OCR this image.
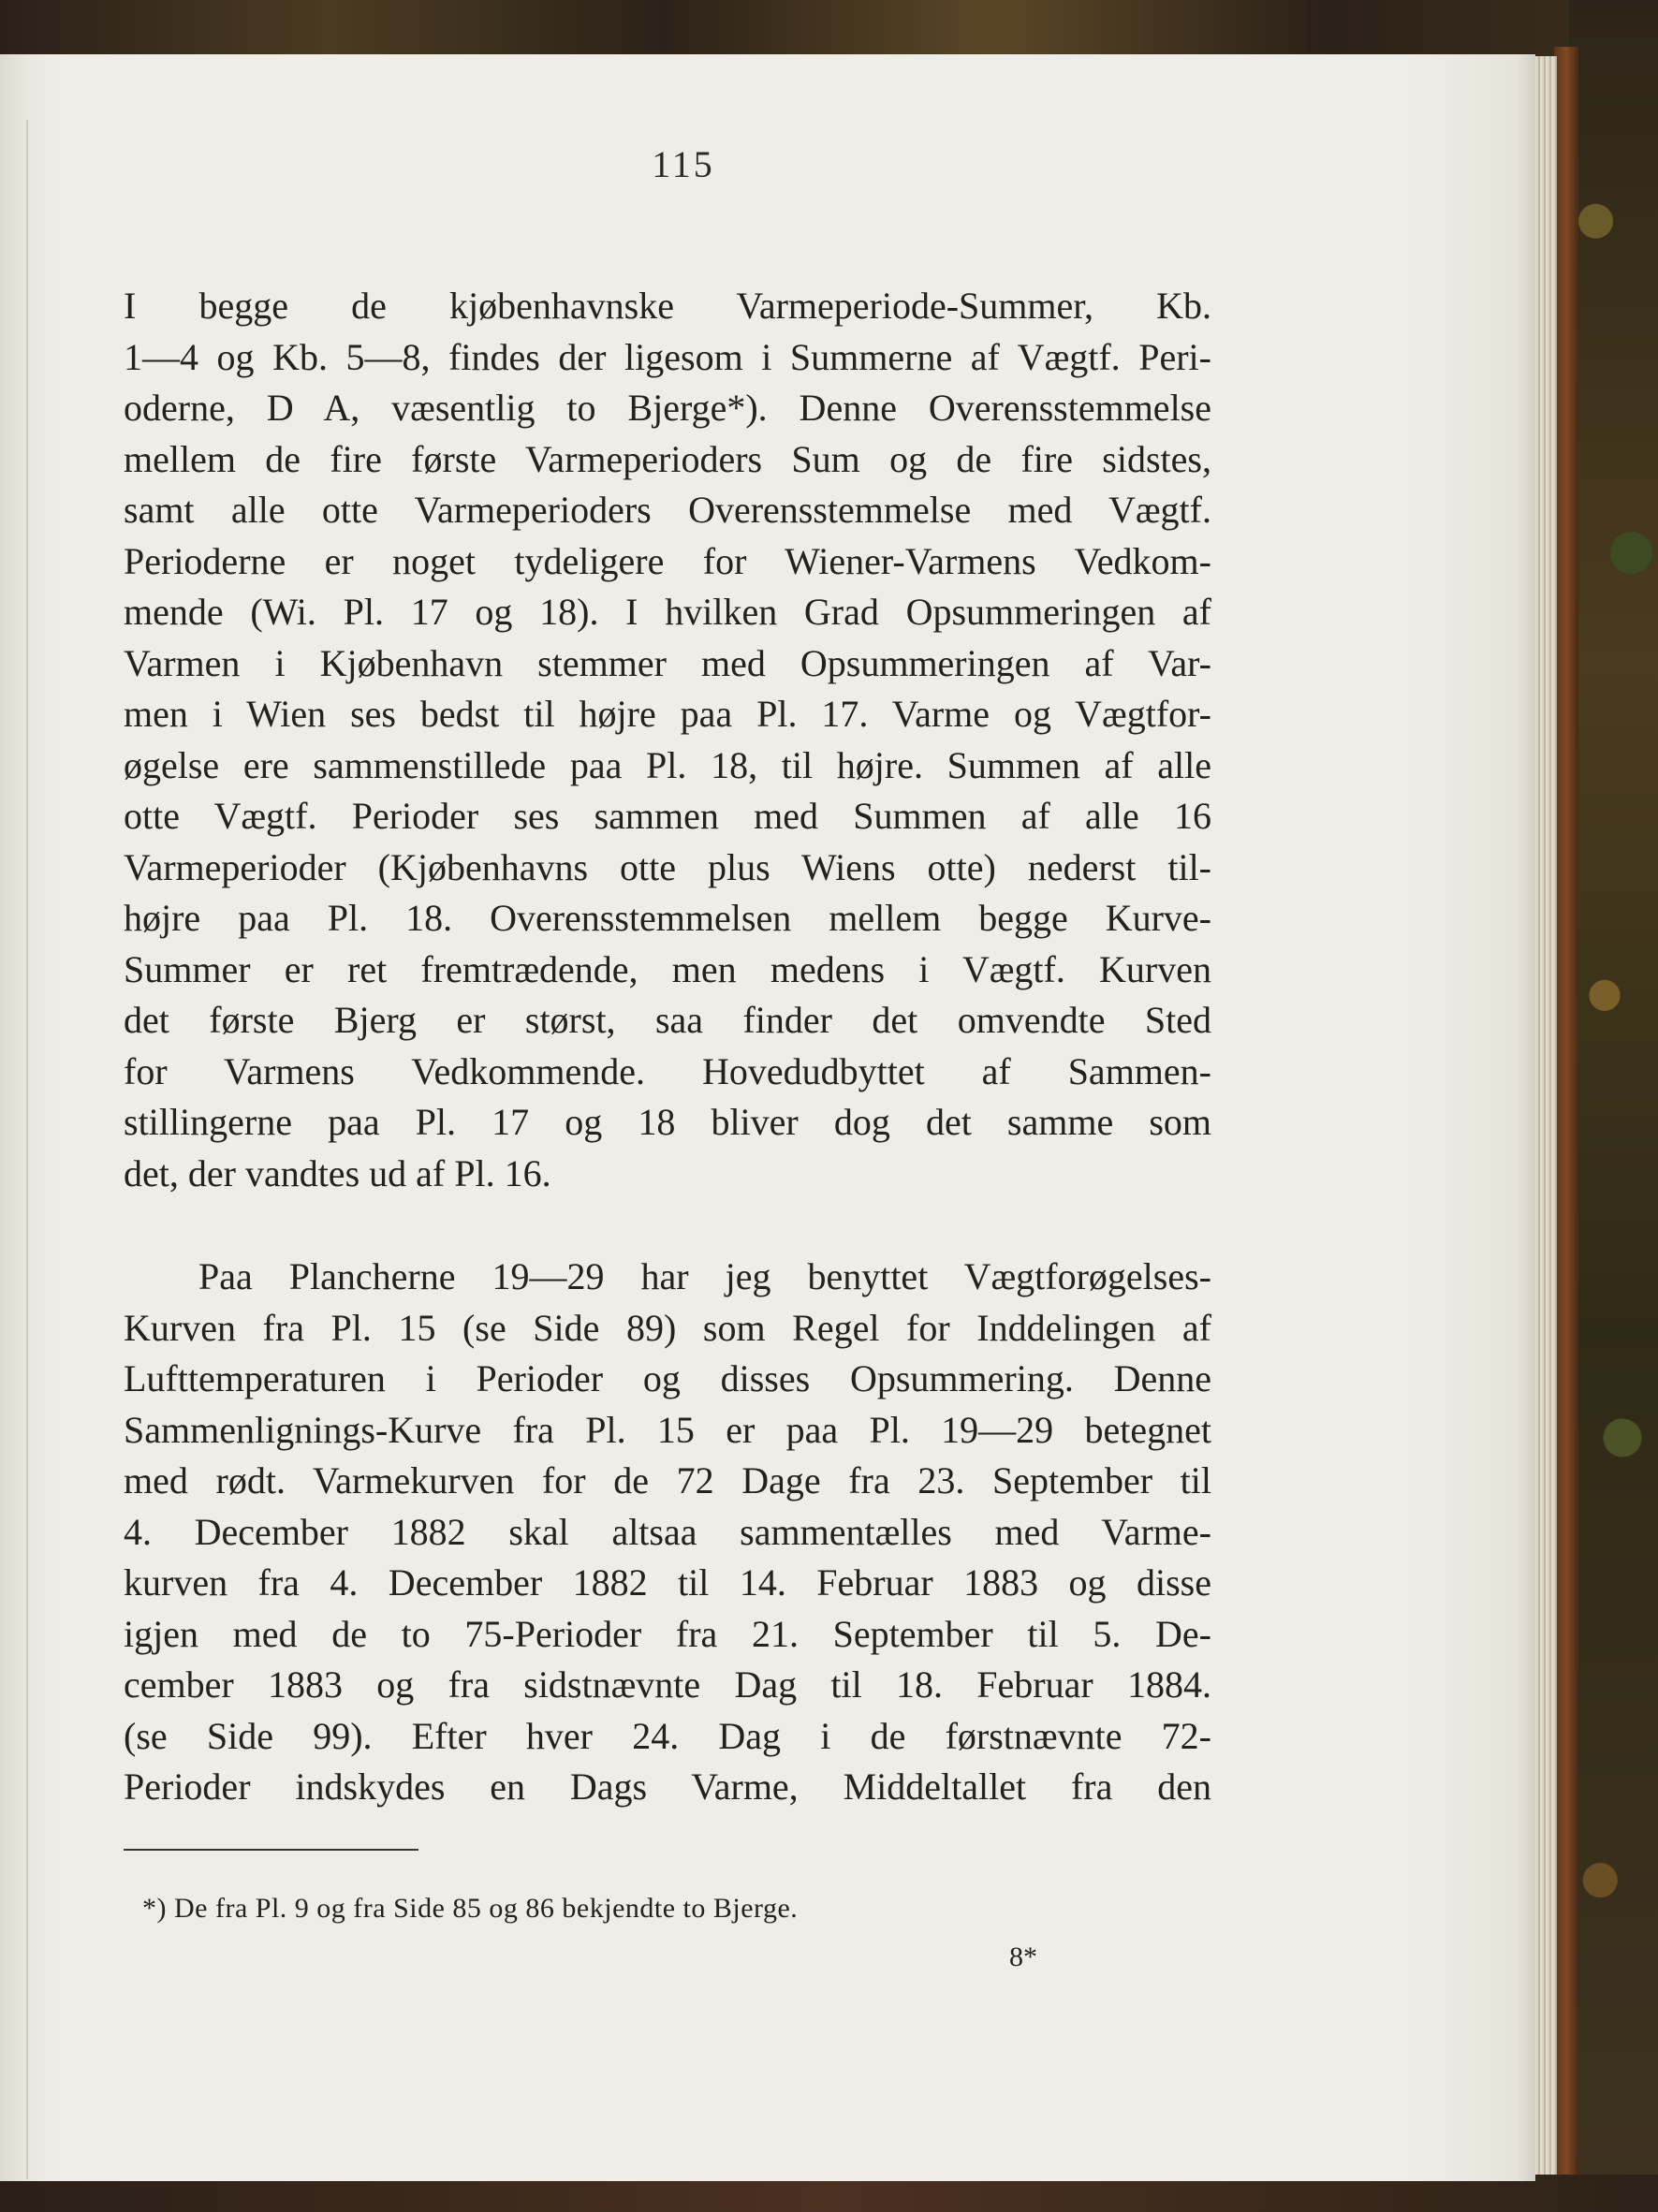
115
I begge de kjøbenhavnske Varmeperiode-Summer, Kb.
1—4 og Kb. 5—8, findes der ligesom i Summerne af Vægtf. Peri-
oderne, D A, væsentlig to Bjerge*). Denne Overensstemmelse
mellem de fire første Varmeperioders Sum og de fire sidstes,
samt alle otte Varmeperioders Overensstemmelse med Vægtf.
Perioderne er noget tydeligere for Wiener-Varmens Vedkom-
mende (Wi. Pl. 17 og 18). I hvilken Grad Opsummeringen af
Varmen i Kjøbenhavn stemmer med Opsummeringen af Var-
men i Wien ses bedst til højre paa Pl. 17. Varme og Vægtfor-
øgelse ere sammenstillede paa Pl. 18, til højre. Summen af alle
otte Vægtf. Perioder ses sammen med Summen af alle 16
Varmeperioder (Kjøbenhavns otte plus Wiens otte) nederst til-
højre paa Pl. 18. Overensstemmelsen mellem begge Kurve-
Summer er ret fremtrædende, men medens i Vægtf. Kurven
det første Bjerg er størst, saa finder det omvendte Sted
for Varmens Vedkommende. Hovedudbyttet af Sammen-
stillingerne paa Pl. 17 og 18 bliver dog det samme som
det, der vandtes ud af Pl. 16.
Paa Plancherne 19—29 har jeg benyttet Vægtforøgelses-
Kurven fra Pl. 15 (se Side 89) som Regel for Inddelingen af
Lufttemperaturen i Perioder og disses Opsummering. Denne
Sammenlignings-Kurve fra Pl. 15 er paa Pl. 19—29 betegnet
med rødt. Varmekurven for de 72 Dage fra 23. September til
4. December 1882 skal altsaa sammentælles med Varme-
kurven fra 4. December 1882 til 14. Februar 1883 og disse
igjen med de to 75-Perioder fra 21. September til 5. De-
cember 1883 og fra sidstnævnte Dag til 18. Februar 1884.
(se Side 99). Efter hver 24. Dag i de førstnævnte 72-
Perioder indskydes en Dags Varme, Middeltallet fra den
*) De fra Pl. 9 og fra Side 85 og 86 bekjendte to Bjerge.
8*
